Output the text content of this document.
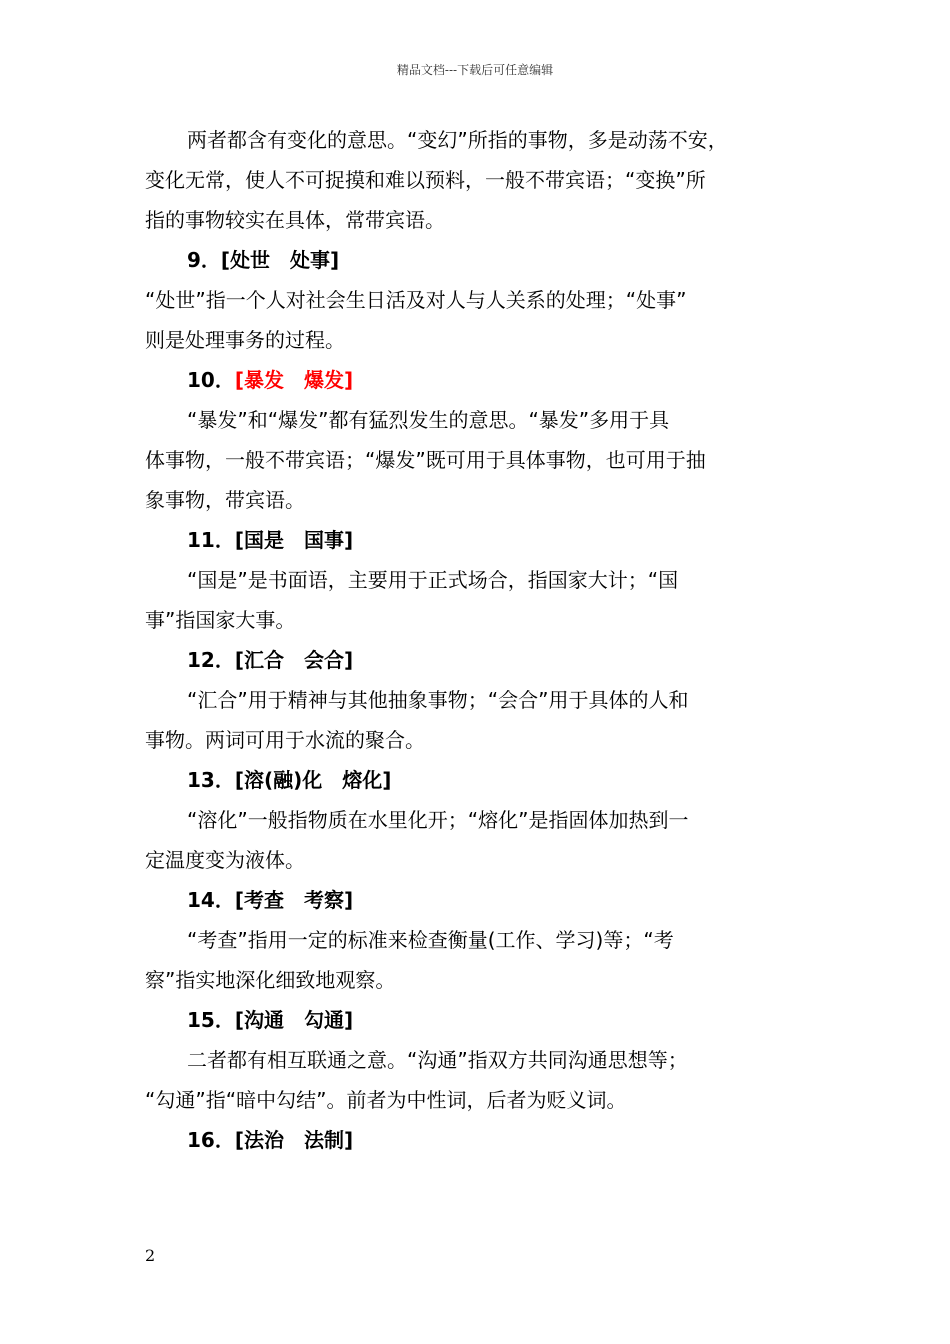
精品文档---下载后可任意编辑
两者都含有变化的意思。“变幻”所指的事物，多是动荡不安，
变化无常，使人不可捉摸和难以预料，一般不带宾语；“变换”所
指的事物较实在具体，常带宾语。
9．[处世　处事]
“处世”指一个人对社会生日活及对人与人关系的处理；“处事”
则是处理事务的过程。
10．[暴发　爆发]
“暴发”和“爆发”都有猛烈发生的意思。“暴发”多用于具
体事物，一般不带宾语；“爆发”既可用于具体事物，也可用于抽
象事物，带宾语。
11．[国是　国事]
“国是”是书面语，主要用于正式场合，指国家大计；“国
事”指国家大事。
12．[汇合　会合]
“汇合”用于精神与其他抽象事物；“会合”用于具体的人和
事物。两词可用于水流的聚合。
13．[溶(融)化　熔化]
“溶化”一般指物质在水里化开；“熔化”是指固体加热到一
定温度变为液体。
14．[考查　考察]
“考查”指用一定的标准来检查衡量(工作、学习)等；“考
察”指实地深化细致地观察。
15．[沟通　勾通]
二者都有相互联通之意。“沟通”指双方共同沟通思想等；
“勾通”指“暗中勾结”。前者为中性词，后者为贬义词。
16．[法治　法制]
2
